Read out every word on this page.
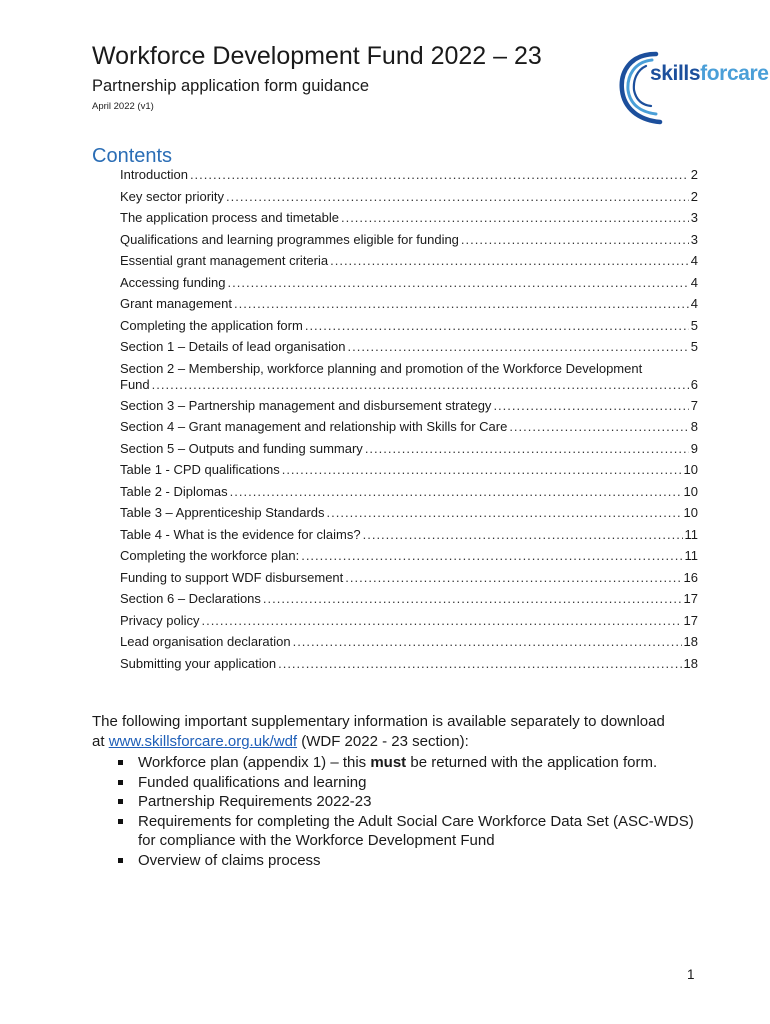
Workforce Development Fund 2022 – 23
Partnership application form guidance
April 2022 (v1)
skillsforcare
Contents
Introduction .....	2
Key sector priority .....	2
The application process and timetable .....	3
Qualifications and learning programmes eligible for funding .....	3
Essential grant management criteria .....	4
Accessing funding .....	4
Grant management .....	4
Completing the application form .....	5
Section 1 – Details of lead organisation .....	5
Section 2 – Membership, workforce planning and promotion of the Workforce Development
Fund .....	6
Section 3 – Partnership management and disbursement strategy .....	7
Section 4 – Grant management and relationship with Skills for Care .....	8
Section 5 – Outputs and funding summary .....	9
Table 1 - CPD qualifications .....	10
Table 2 - Diplomas .....	10
Table 3 – Apprenticeship Standards .....	10
Table 4 - What is the evidence for claims? .....	11
Completing the workforce plan: .....	11
Funding to support WDF disbursement .....	16
Section 6 – Declarations .....	17
Privacy policy .....	17
Lead organisation declaration .....	18
Submitting your application .....	18
The following important supplementary information is available separately to download
at www.skillsforcare.org.uk/wdf (WDF 2022 - 23 section):
Workforce plan (appendix 1) – this must be returned with the application form.
Funded qualifications and learning
Partnership Requirements 2022-23
Requirements for completing the Adult Social Care Workforce Data Set (ASC-WDS) for compliance with the Workforce Development Fund
Overview of claims process
1
